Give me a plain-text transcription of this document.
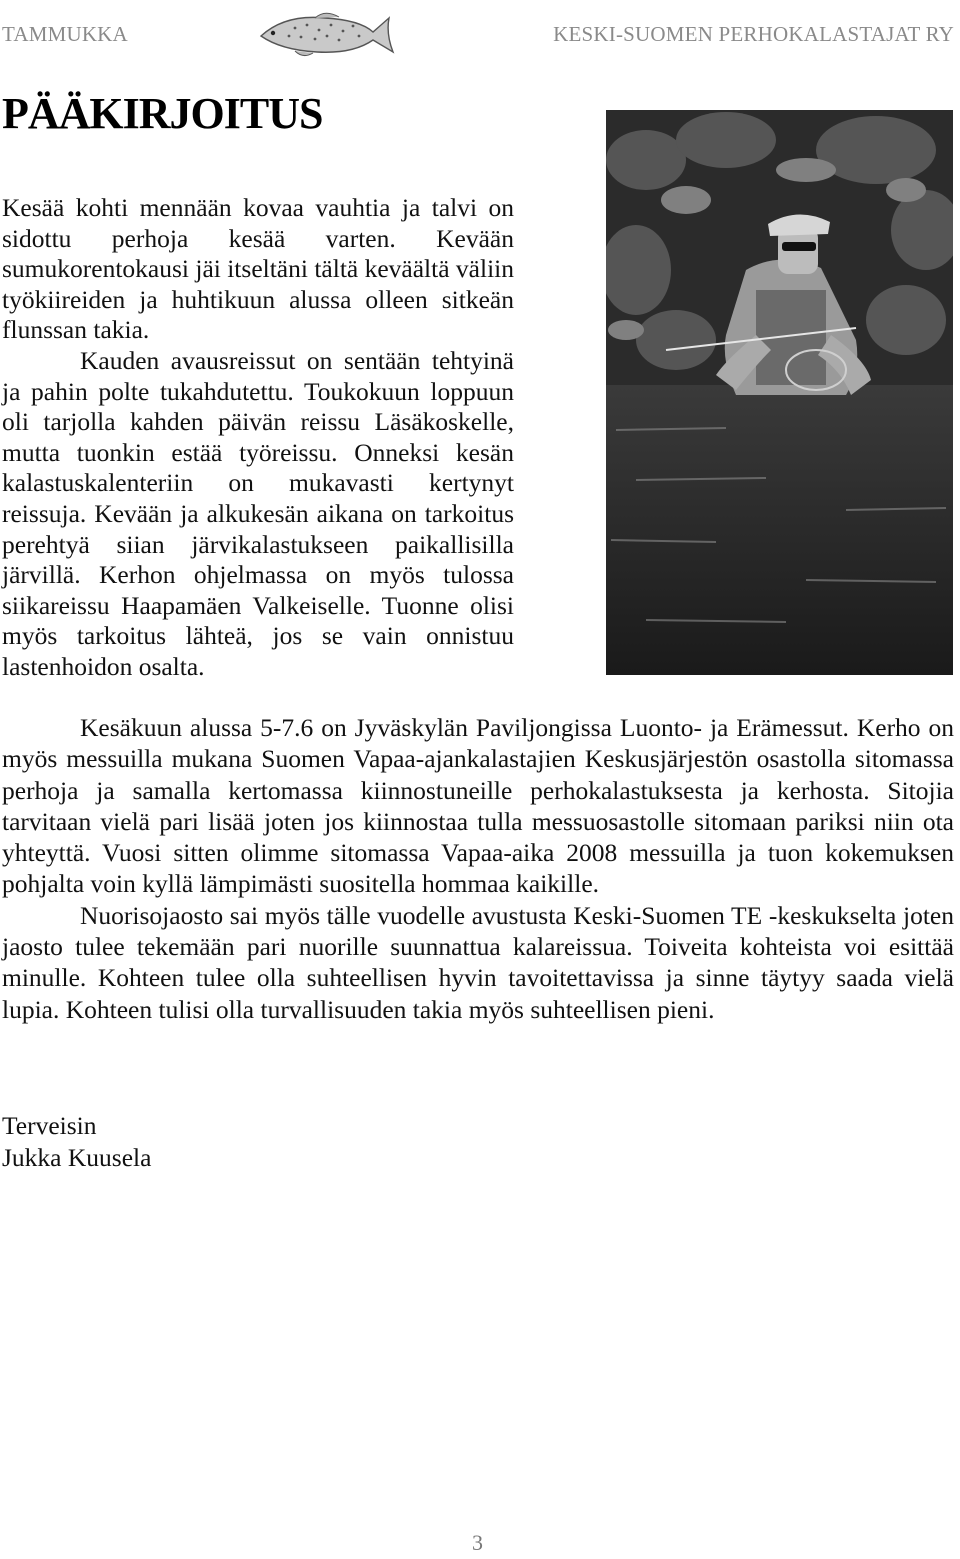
TAMMUKKA	KESKI-SUOMEN PERHOKALASTAJAT RY
PÄÄKIRJOITUS

Kesää kohti mennään kovaa vauhtia ja talvi on sidottu perhoja kesää varten. Kevään sumukorentokausi jäi itseltäni tältä keväältä väliin työkiireiden ja huhtikuun alussa olleen sitkeän flunssan takia.

Kauden avausreissut on sentään tehtyinä ja pahin polte tukahdutettu. Toukokuun loppuun oli tarjolla kahden päivän reissu Läsäkoskelle, mutta tuonkin estää työreissu. Onneksi kesän kalastuskalenteriin on mukavasti kertynyt reissuja. Kevään ja alkukesän aikana on tarkoitus perehtyä siian järvikalastukseen paikallisilla järvillä. Kerhon ohjelmassa on myös tulossa siikareissu Haapamäen Valkeiselle. Tuonne olisi myös tarkoitus lähteä, jos se vain onnistuu lastenhoidon osalta.

Kesäkuun alussa 5-7.6 on Jyväskylän Paviljongissa Luonto- ja Erämessut. Kerho on myös messuilla mukana Suomen Vapaa-ajankalastajien Keskusjärjestön osastolla sitomassa perhoja ja samalla kertomassa kiinnostuneille perhokalastuksesta ja kerhosta. Sitojia tarvitaan vielä pari lisää joten jos kiinnostaa tulla messuosastolle sitomaan pariksi niin ota yhteyttä. Vuosi sitten olimme sitomassa Vapaa-aika 2008 messuilla ja tuon kokemuksen pohjalta voin kyllä lämpimästi suositella hommaa kaikille.

Nuorisojaosto sai myös tälle vuodelle avustusta Keski-Suomen TE -keskukselta joten jaosto tulee tekemään pari nuorille suunnattua kalareissua. Toiveita kohteista voi esittää minulle. Kohteen tulee olla suhteellisen hyvin tavoitettavissa ja sinne täytyy saada vielä lupia. Kohteen tulisi olla turvallisuuden takia myös suhteellisen pieni.

Terveisin
Jukka Kuusela
3
